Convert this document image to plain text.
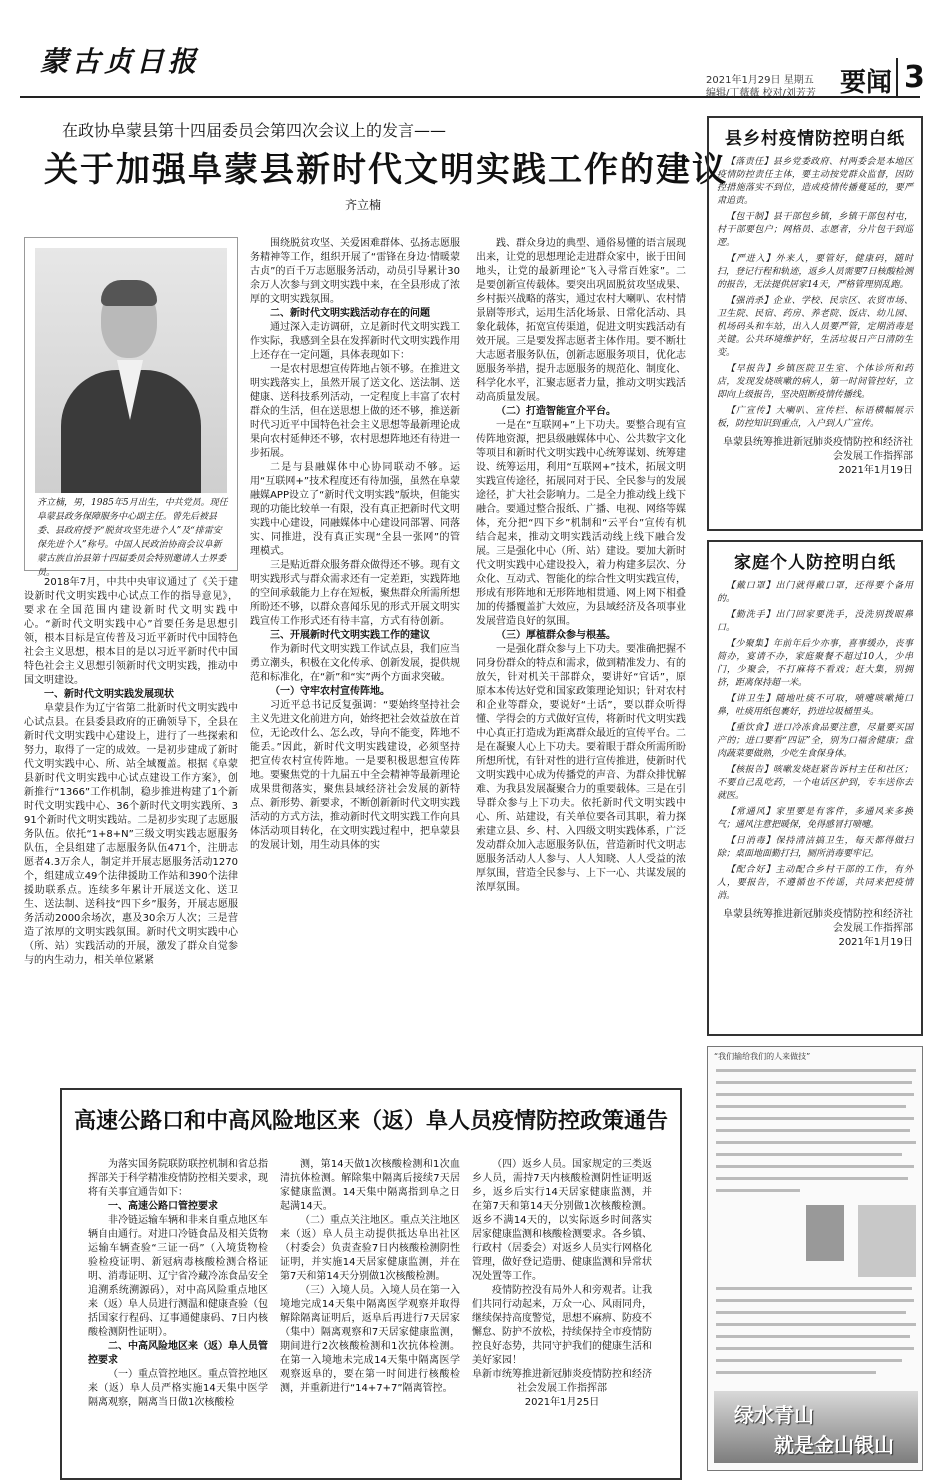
蒙古贞日报
2021年1月29日 星期五
编辑/丁薇薇 校对/刘芳芳 要闻 3
在政协阜蒙县第十四届委员会第四次会议上的发言——
关于加强阜蒙县新时代文明实践工作的建议
齐立楠
齐立楠，男，1985年5月出生，中共党员。现任阜蒙县政务保障服务中心副主任。曾先后被县委、县政府授予“脱贫攻坚先进个人”及“排雷安保先进个人”称号。中国人民政治协商会议阜新蒙古族自治县第十四届委员会特别邀请人士界委员。

2018年7月，中共中央审议通过了《关于建设新时代文明实践中心试点工作的指导意见》，要求在全国范围内建设新时代文明实践中心。“新时代文明实践中心”首要任务是思想引领，根本目标是宣传普及习近平新时代中国特色社会主义思想，根本目的是以习近平新时代中国特色社会主义思想引领新时代文明实践，推动中国文明建设。

一、新时代文明实践发展现状

阜蒙县作为辽宁省第二批新时代文明实践中心试点县。在县委县政府的正确领导下，全县在新时代文明实践中心建设上，进行了一些探索和努力，取得了一定的成效。一是初步建成了新时代文明实践中心、所、站全域覆盖。根据《阜蒙县新时代文明实践中心试点建设工作方案》，创新推行“1366”工作机制，稳步推进构建了1个新时代文明实践中心、36个新时代文明实践所、391个新时代文明实践站。二是初步实现了志愿服务队伍。依托“1+8+N”三级文明实践志愿服务队伍，全县组建了志愿服务队伍471个，注册志愿者4.3万余人，制定并开展志愿服务活动1270个，组建成立49个法律援助工作站和390个法律援助联系点。连续多年累计开展送文化、送卫生、送法制、送科技“四下乡”服务，开展志愿服务活动2000余场次，惠及30余万人次；三是营造了浓厚的文明实践氛围。新时代文明实践中心（所、站）实践活动的开展，激发了群众自觉参与的内生动力，相关单位紧紧

围绕脱贫攻坚、关爱困难群体、弘扬志愿服务精神等工作，组织开展了“雷锋在身边·情暖蒙古贞”的百千万志愿服务活动，动员引导累计30余万人次参与到文明实践中来，在全县形成了浓厚的文明实践氛围。

二、新时代文明实践活动存在的问题

通过深入走访调研，立足新时代文明实践工作实际，我感到全县在发挥新时代文明实践作用上还存在一定问题，具体表现如下：

一是农村思想宣传阵地占领不够。在推进文明实践落实上，虽然开展了送文化、送法制、送健康、送科技系列活动，一定程度上丰富了农村群众的生活，但在送思想上做的还不够，推送新时代习近平中国特色社会主义思想等最新理论成果向农村延伸还不够，农村思想阵地还有待进一步拓展。

二是与县融媒体中心协同联动不够。运用“互联网+”技术程度还有待加强，虽然在阜蒙融媒APP设立了“新时代文明实践”版块，但能实现的功能比较单一有限，没有真正把新时代文明实践中心建设，同融媒体中心建设同部署、同落实、同推进，没有真正实现“全县一张网”的管理模式。

三是贴近群众服务群众做得还不够。现有文明实践形式与群众需求还有一定差距，实践阵地的空间承载能力上存在短板，聚焦群众所需所想所盼还不够，以群众喜闻乐见的形式开展文明实践宣传工作形式还有待丰富，方式有待创新。

三、开展新时代文明实践工作的建议

作为新时代文明实践工作试点县，我们应当勇立潮头，积极在文化传承、创新发展，提供规范和标准化，在“新”和“实”两个方面求突破。

（一）守牢农村宣传阵地。

习近平总书记反复强调：“要始终坚持社会主义先进文化前进方向，始终把社会效益放在首位，无论改什么、怎么改，导向不能变，阵地不能丢。”因此，新时代文明实践建设，必须坚持把宣传农村宣传阵地。一是要积极思想宣传阵地。要聚焦党的十九届五中全会精神等最新理论成果贯彻落实，聚焦县域经济社会发展的新特点、新形势、新要求，不断创新新时代文明实践活动的方式方法，推动新时代文明实践工作向具体活动项目转化，在文明实践过程中，把阜蒙县的发展计划，用生动具体的实

践、群众身边的典型、通俗易懂的语言展现出来，让党的思想理论走进群众家中，嵌于田间地头，让党的最新理论“飞入寻常百姓家”。二是要创新宣传载体。要突出巩固脱贫攻坚成果、乡村振兴战略的落实，通过农村大喇叭、农村情景剧等形式，运用生活化场景、日常化活动、具象化载体，拓宽宣传渠道，促进文明实践活动有效开展。三是要发挥志愿者主体作用。要不断壮大志愿者服务队伍，创新志愿服务项目，优化志愿服务举措，提升志愿服务的规范化、制度化、科学化水平，汇聚志愿者力量，推动文明实践活动高质量发展。

（二）打造智能宣介平台。

一是在“互联网+”上下功夫。要整合现有宣传阵地资源，把县级融媒体中心、公共数字文化等项目和新时代文明实践中心统筹谋划、统筹建设、统筹运用，利用“互联网+”技术，拓展文明实践宣传途径，拓展同对于民、全民参与的发展途径，扩大社会影响力。二是全力推动线上线下融合。要通过整合报纸、广播、电视、网络等媒体，充分把“四下乡”机制和“云平台”宣传有机结合起来，推动文明实践活动线上线下融合发展。三是强化中心（所、站）建设。要加大新时代文明实践中心建设投入，着力构建多层次、分众化、互动式、智能化的综合性文明实践宣传，形成有形阵地和无形阵地相贯通、网上网下相叠加的传播覆盖扩大效应，为县域经济及各项事业发展营造良好的氛围。

（三）厚植群众参与根基。

一是强化群众参与上下功夫。要准确把握不同身份群众的特点和需求，做到精准发力、有的放矢，针对机关干部群众，要讲好“官话”，原原本本传达好党和国家政策理论知识；针对农村和企业等群众，要说好“土话”，要以群众听得懂、学得会的方式做好宣传，将新时代文明实践中心真正打造成为距离群众最近的宣传平台。二是在凝聚人心上下功夫。要着眼于群众所需所盼所想所忧，有针对性的进行宣传推进，使新时代文明实践中心成为传播党的声音、为群众排忧解难、为我县发展凝聚合力的重要载体。三是在引导群众参与上下功夫。依托新时代文明实践中心、所、站建设，有关单位要各司其职，着力探索建立县、乡、村、入四级文明实践体系，广泛发动群众加入志愿服务队伍，营造新时代文明志愿服务活动人人参与、人人知晓、人人受益的浓厚氛围，营造全民参与、上下一心、共谋发展的浓厚氛围。

县乡村疫情防控明白纸
【落责任】县乡党委政府、村两委会是本地区疫情防控责任主体，要主动按党群众监督，因防控措施落实不到位，造成疫情传播蔓延的，要严肃追责。
【包干制】县干部包乡镇，乡镇干部包村屯，村干部要包户；网格员、志愿者，分片包干到巡逻。
【严进入】外来人，要管好，健康码，随时扫，登记行程和轨迹，返乡人员需要7日核酸检测的报告，无法提供居家14天，严格管理别乱跑。
【强消杀】企业、学校、民宗区、农贸市场、卫生院、民宿、药房、养老院、饭店、幼儿园、机场码头和车站，出入人员要严管，定期消毒是关键。公共环境维护好，生活垃圾日产日清防生变。
【早报告】乡镇医院卫生室、个体诊所和药店，发现发烧咳嗽的病人，第一时间管控好，立即向上级报告，坚决阻断疫情传播线。
【广宣传】大喇叭、宣传栏、标语横幅展示板，防控知识到重点，入户到人广宣传。
阜蒙县统筹推进新冠肺炎疫情防控和经济社会发展工作指挥部
2021年1月19日
家庭个人防控明白纸
【戴口罩】出门就得戴口罩，还得要个备用的。
【勤洗手】出门回家要洗手，没洗别拨眼鼻口。
【少聚集】年前年后少亦事，喜事缓办，丧事简办，宴请不办，家庭聚餐不超过10人，少串门，少聚会，不打麻将不看戏；赶大集，别拥挤，距离保持超一米。
【讲卫生】随地吐痰不可取，喷嚏咳嗽掩口鼻，吐痰用纸包裹好，扔进垃圾桶里头。
【重饮食】进口冷冻食品要注意，尽量要买国产的；进口要看“四证”全，别为口福舍健康；盘肉蔬菜要做熟，少吃生食保身体。
【核报告】咳嗽发烧赶紧告诉村主任和社区；不要自己乱吃药，一个电话区护到，专车送你去就医。
【常通风】家里要是有客件，多通风来多换气；通风注意把暖保，免得感冒打喷嚏。
【日消毒】保持清洁搞卫生，每天都得做扫除；桌面地面勤打扫，厕所消毒要牢记。
【配合好】主动配合乡村干部的工作，有外人，要报告，不遵循也不传谣，共同来把疫情消。
阜蒙县统筹推进新冠肺炎疫情防控和经济社会发展工作指挥部
2021年1月19日
“我们输给我们的人来做技”
绿水青山
就是金山银山
高速公路口和中高风险地区来（返）阜人员疫情防控政策通告

为落实国务院联防联控机制和省总指挥部关于科学精准疫情防控相关要求，现将有关事宜通告如下：

一、高速公路口管控要求

非冷链运输车辆和非来自重点地区车辆自由通行。对进口冷链食品及相关货物运输车辆查验“三证一码”（入境货物检验检疫证明、新冠病毒核酸检测合格证明、消毒证明、辽宁省冷藏冷冻食品安全追溯系统溯源码），对中高风险重点地区来（返）阜人员进行测温和健康查验（包括国家行程码、辽事通健康码、7日内核酸检测阴性证明）。

二、中高风险地区来（返）阜人员管控要求

（一）重点管控地区。重点管控地区来（返）阜人员严格实施14天集中医学隔离观察，隔离当日做1次核酸检

测，第14天做1次核酸检测和1次血清抗体检测。解除集中隔离后接续7天居家健康监测。14天集中隔离指到阜之日起满14天。

（二）重点关注地区。重点关注地区来（返）阜人员主动提供抵达阜出社区（村委会）负责查验7日内核酸检测阴性证明，并实施14天居家健康监测，并在第7天和第14天分别做1次核酸检测。

（三）入境人员。入境人员在第一入境地完成14天集中隔离医学观察并取得解除隔离证明后，返阜后再进行7天居家（集中）隔离观察和7天居家健康监测，期间进行2次核酸检测和1次抗体检测。在第一入境地未完成14天集中隔离医学观察返阜的，要在第一时间进行核酸检测，并重新进行“14+7+7”隔离管控。

（四）返乡人员。国家规定的三类返乡人员，需持7天内核酸检测阴性证明返乡，返乡后实行14天居家健康监测，并在第7天和第14天分别做1次核酸检测。返乡不满14天的，以实际返乡时间落实居家健康监测和核酸检测要求。各乡镇、行政村（居委会）对返乡人员实行网格化管理，做好登记造册、健康监测和异常状况处置等工作。

疫情防控没有局外人和旁观者。让我们共同行动起来，万众一心、风雨同舟，继续保持高度警觉，思想不麻痹、防疫不懈怠、防护不放松，持续保持全市疫情防控良好态势，共同守护我们的健康生活和美好家园！

阜新市统筹推进新冠肺炎疫情防控和经济社会发展工作指挥部

2021年1月25日
